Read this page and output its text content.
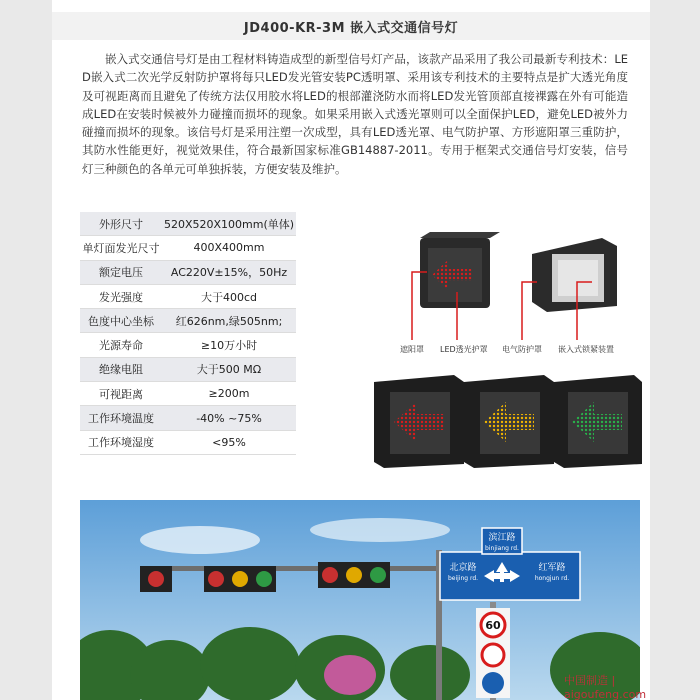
JD400-KR-3M 嵌入式交通信号灯
嵌入式交通信号灯是由工程材料铸造成型的新型信号灯产品，该款产品采用了我公司最新专利技术：LED嵌入式二次光学反射防护罩将每只LED发光管安装PC透明罩、采用该专利技术的主要特点是扩大透光角度及可视距离而且避免了传统方法仅用胶水将LED的根部灌浇防水而将LED发光管顶部直接裸露在外有可能造成LED在安装时候被外力碰撞而损坏的现象。如果采用嵌入式透光罩则可以全面保护LED，避免LED被外力碰撞而损坏的现象。该信号灯是采用注塑一次成型，具有LED透光罩、电气防护罩、方形遮阳罩三重防护，其防水性能更好，视觉效果佳，符合最新国家标准GB14887-2011。专用于框架式交通信号灯安装，信号灯三种颜色的各单元可单独拆装，方便安装及维护。
外形尺寸	520X520X100mm(单体)
单灯面发光尺寸	400X400mm
额定电压	AC220V±15%，50Hz
发光强度	大于400cd
色度中心坐标	红626nm,绿505nm;
光源寿命	≥10万小时
绝缘电阻	大于500 MΩ
可视距离	≥200m
工作环境温度	-40% ~75%
工作环境湿度	<95%
遮阳罩 LED透光护罩 电气防护罩 嵌入式锁紧装置
滨江路
binjiang rd.
北京路
beijing rd.
红军路
hongjun rd.
60
中国制造 | aigoufeng.com
